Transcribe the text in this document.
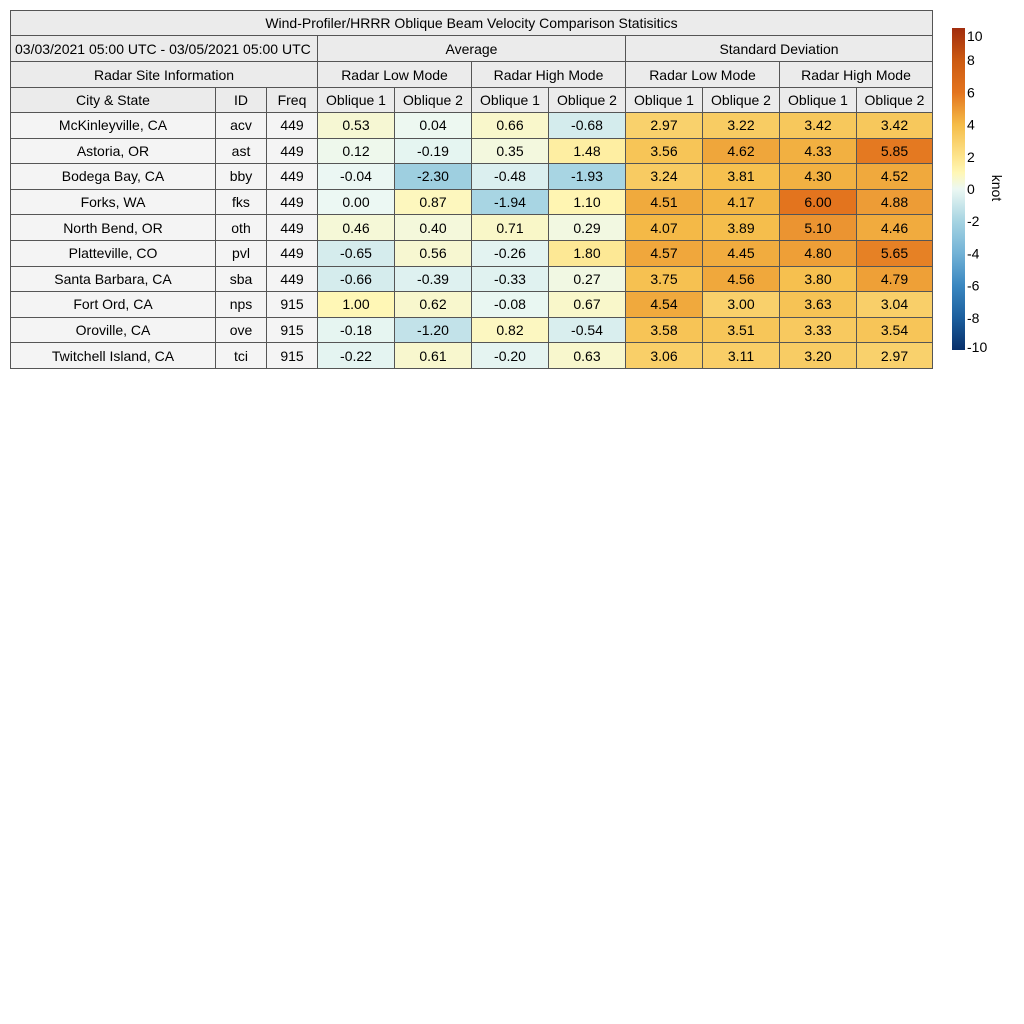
Wind-Profiler/HRRR Oblique Beam Velocity Comparison Statisitics										
03/03/2021 05:00 UTC - 03/05/2021 05:00 UTC			Average				Standard Deviation			
Radar Site Information			Radar Low Mode		Radar High Mode		Radar Low Mode		Radar High Mode	
City & State	ID	Freq	Oblique 1	Oblique 2	Oblique 1	Oblique 2	Oblique 1	Oblique 2	Oblique 1	Oblique 2
McKinleyville, CA	acv	449	0.53	0.04	0.66	-0.68	2.97	3.22	3.42	3.42
Astoria, OR	ast	449	0.12	-0.19	0.35	1.48	3.56	4.62	4.33	5.85
Bodega Bay, CA	bby	449	-0.04	-2.30	-0.48	-1.93	3.24	3.81	4.30	4.52
Forks, WA	fks	449	0.00	0.87	-1.94	1.10	4.51	4.17	6.00	4.88
North Bend, OR	oth	449	0.46	0.40	0.71	0.29	4.07	3.89	5.10	4.46
Platteville, CO	pvl	449	-0.65	0.56	-0.26	1.80	4.57	4.45	4.80	5.65
Santa Barbara, CA	sba	449	-0.66	-0.39	-0.33	0.27	3.75	4.56	3.80	4.79
Fort Ord, CA	nps	915	1.00	0.62	-0.08	0.67	4.54	3.00	3.63	3.04
Oroville, CA	ove	915	-0.18	-1.20	0.82	-0.54	3.58	3.51	3.33	3.54
Twitchell Island, CA	tci	915	-0.22	0.61	-0.20	0.63	3.06	3.11	3.20	2.97
10
8
6
4
2
0
-2
-4
-6
-8
-10
knot
